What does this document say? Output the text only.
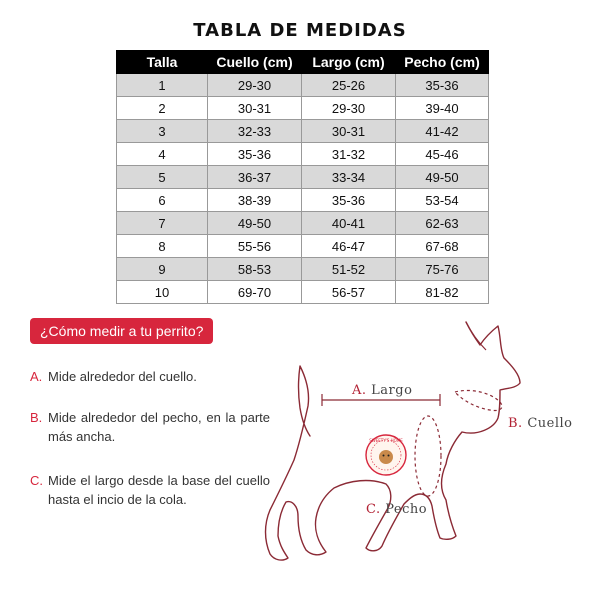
TABLA DE MEDIDAS
Talla	Cuello (cm)	Largo (cm)	Pecho (cm)
1	29-30	25-26	35-36
2	30-31	29-30	39-40
3	32-33	30-31	41-42
4	35-36	31-32	45-46
5	36-37	33-34	49-50
6	38-39	35-36	53-54
7	49-50	40-41	62-63
8	55-56	46-47	67-68
9	58-53	51-52	75-76
10	69-70	56-57	81-82
¿Cómo medir a tu perrito?
A. Mide alrededor del cuello.
B. Mide alrededor del pecho, en la parte más ancha.
C. Mide el largo desde la base del cuello hasta el incio de la cola.
SWEETY'S HOME
A. Largo
B. Cuello
C. Pecho
